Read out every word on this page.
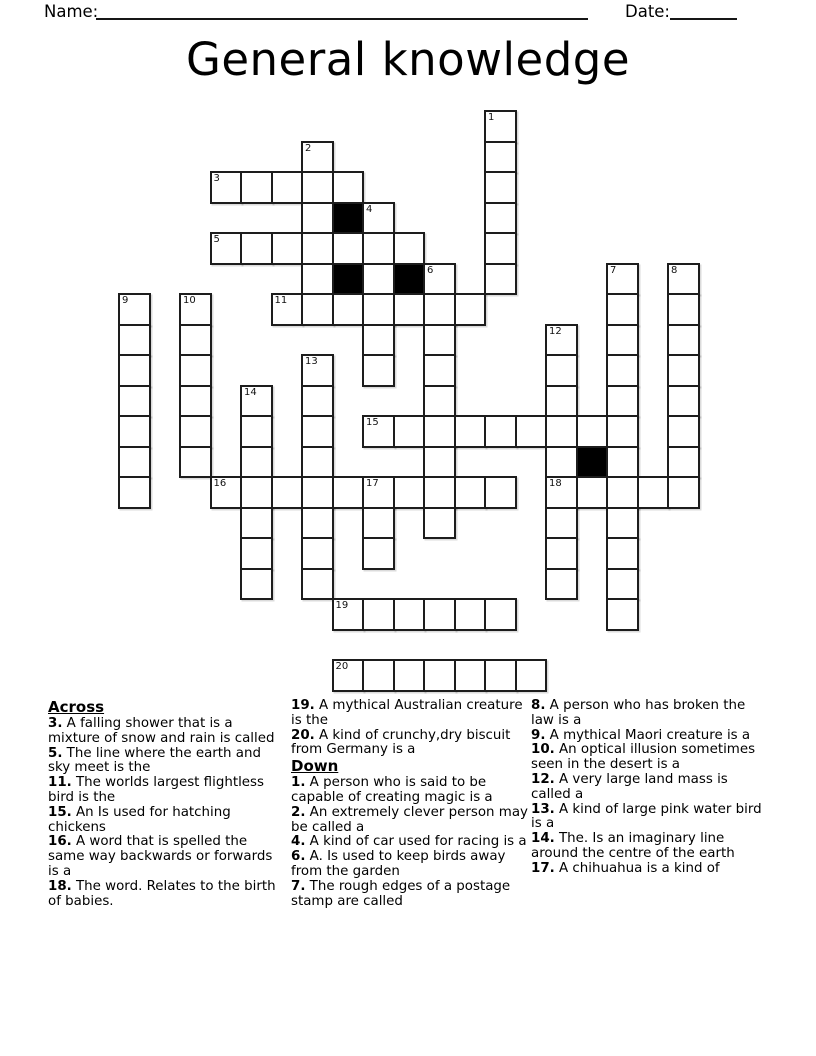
Name:	Date:
General knowledge
1
2
3
4
5
6	7	8
9	10	11
12
13
14
15
16	17	18
19
20
Across

3. A falling shower that is a mixture of snow and rain is called

5. The line where the earth and sky meet is the

11. The worlds largest flightless bird is the

15. An Is used for hatching chickens

16. A word that is spelled the same way backwards or forwards is a

18. The word. Relates to the birth of babies.

19. A mythical Australian creature is the

20. A kind of crunchy,dry biscuit from Germany is a

Down

1. A person who is said to be capable of creating magic is a

2. An extremely clever person may be called a

4. A kind of car used for racing is a

6. A. Is used to keep birds away from the garden

7. The rough edges of a postage stamp are called

8. A person who has broken the law is a

9. A mythical Maori creature is a

10. An optical illusion sometimes seen in the desert is a

12. A very large land mass is called a

13. A kind of large pink water bird is a

14. The. Is an imaginary line around the centre of the earth

17. A chihuahua is a kind of
